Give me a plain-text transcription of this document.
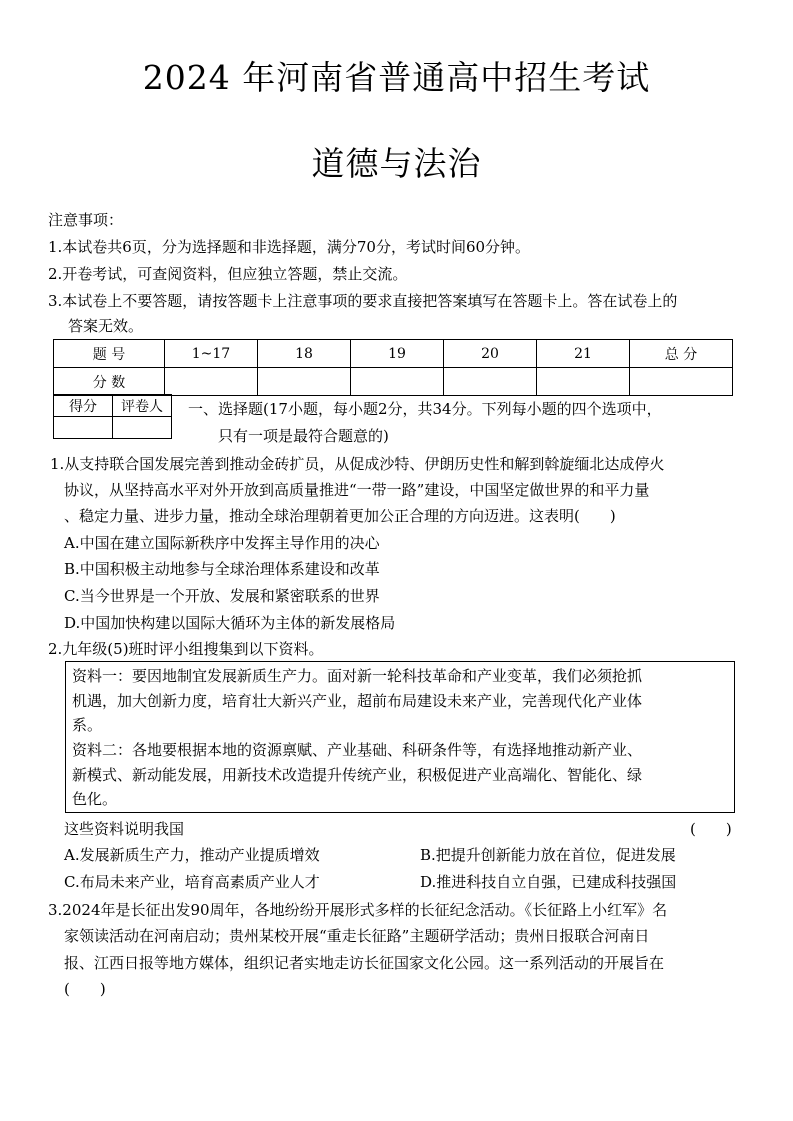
2024 年河南省普通高中招生考试
道德与法治
注意事项：
1.本试卷共6页，分为选择题和非选择题，满分70分，考试时间60分钟。
2.开卷考试，可查阅资料，但应独立答题，禁止交流。
3.本试卷上不要答题，请按答题卡上注意事项的要求直接把答案填写在答题卡上。答在试卷上的
答案无效。
题 号	1~17	18	19	20	21	总 分
分 数						
得分	评卷人
	一、选择题(17小题，每小题2分，共34分。下列每小题的四个选项中，
只有一项是最符合题意的)
1.从支持联合国发展完善到推动金砖扩员，从促成沙特、伊朗历史性和解到斡旋缅北达成停火
协议，从坚持高水平对外开放到高质量推进“一带一路”建设，中国坚定做世界的和平力量
、稳定力量、进步力量，推动全球治理朝着更加公正合理的方向迈进。这表明(　　)
A.中国在建立国际新秩序中发挥主导作用的决心
B.中国积极主动地参与全球治理体系建设和改革
C.当今世界是一个开放、发展和紧密联系的世界
D.中国加快构建以国际大循环为主体的新发展格局
2.九年级(5)班时评小组搜集到以下资料。
资料一：要因地制宜发展新质生产力。面对新一轮科技革命和产业变革，我们必须抢抓
机遇，加大创新力度，培育壮大新兴产业，超前布局建设未来产业，完善现代化产业体
系。
资料二：各地要根据本地的资源禀赋、产业基础、科研条件等，有选择地推动新产业、
新模式、新动能发展，用新技术改造提升传统产业，积极促进产业高端化、智能化、绿
色化。
这些资料说明我国	(　　)
A.发展新质生产力，推动产业提质增效	B.把提升创新能力放在首位，促进发展
C.布局未来产业，培育高素质产业人才	D.推进科技自立自强，已建成科技强国
3.2024年是长征出发90周年，各地纷纷开展形式多样的长征纪念活动。《长征路上小红军》名
家领读活动在河南启动；贵州某校开展“重走长征路”主题研学活动；贵州日报联合河南日
报、江西日报等地方媒体，组织记者实地走访长征国家文化公园。这一系列活动的开展旨在
(　　)
